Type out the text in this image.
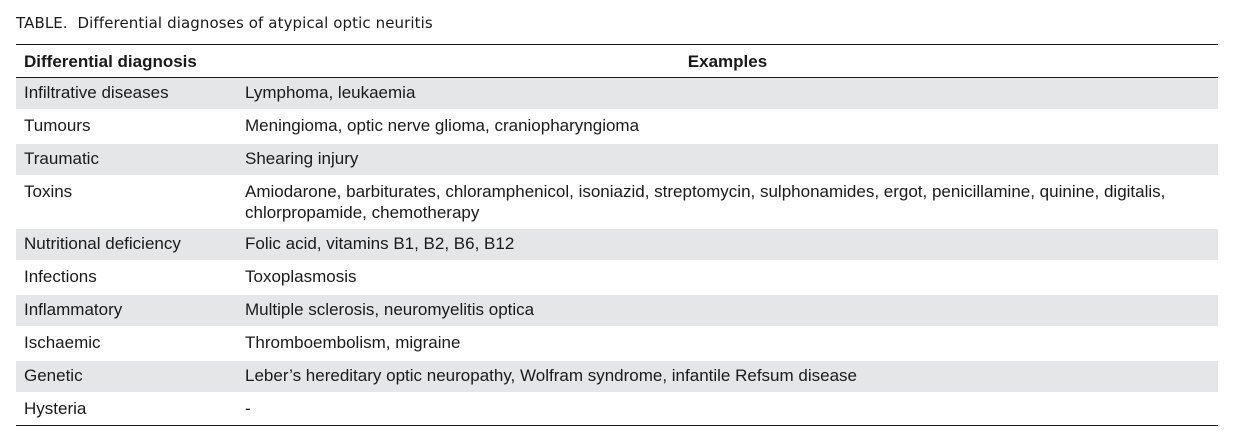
TABLE. Differential diagnoses of atypical optic neuritis
Differential diagnosis	Examples
Infiltrative diseases	Lymphoma, leukaemia
Tumours	Meningioma, optic nerve glioma, craniopharyngioma
Traumatic	Shearing injury
Toxins	Amiodarone, barbiturates, chloramphenicol, isoniazid, streptomycin, sulphonamides, ergot, penicillamine, quinine, digitalis, chlorpropamide, chemotherapy
Nutritional deficiency	Folic acid, vitamins B1, B2, B6, B12
Infections	Toxoplasmosis
Inflammatory	Multiple sclerosis, neuromyelitis optica
Ischaemic	Thromboembolism, migraine
Genetic	Leber’s hereditary optic neuropathy, Wolfram syndrome, infantile Refsum disease
Hysteria	-
